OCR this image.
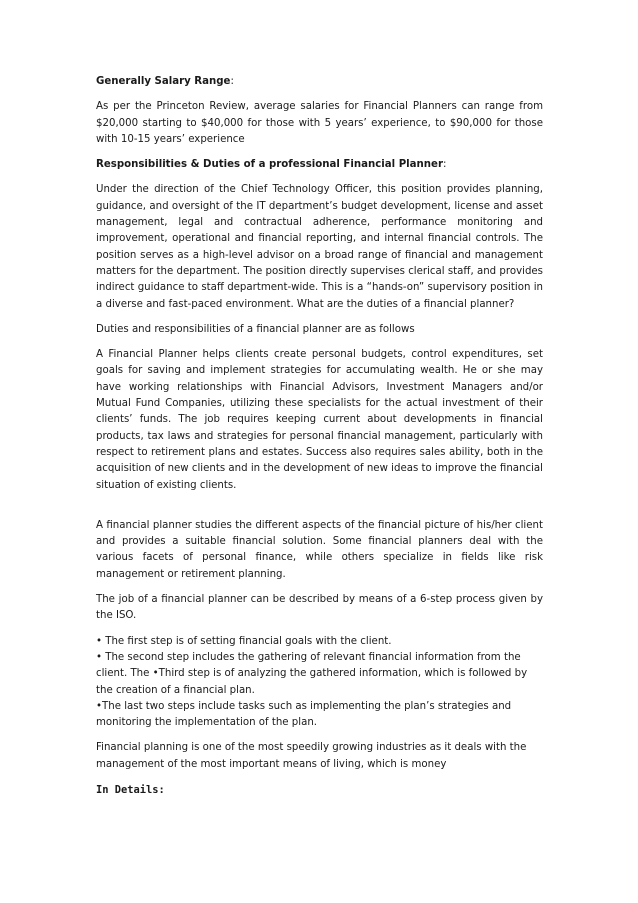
Generally Salary Range:

As per the Princeton Review, average salaries for Financial Planners can range from $20,000 starting to $40,000 for those with 5 years’ experience, to $90,000 for those with 10-15 years’ experience

Responsibilities & Duties of a professional Financial Planner:

Under the direction of the Chief Technology Officer, this position provides planning, guidance, and oversight of the IT department’s budget development, license and asset management, legal and contractual adherence, performance monitoring and improvement, operational and financial reporting, and internal financial controls. The position serves as a high-level advisor on a broad range of financial and management matters for the department. The position directly supervises clerical staff, and provides indirect guidance to staff department-wide. This is a “hands-on” supervisory position in a diverse and fast-paced environment. What are the duties of a financial planner?

Duties and responsibilities of a financial planner are as follows

A Financial Planner helps clients create personal budgets, control expenditures, set goals for saving and implement strategies for accumulating wealth. He or she may have working relationships with Financial Advisors, Investment Managers and/or Mutual Fund Companies, utilizing these specialists for the actual investment of their clients’ funds. The job requires keeping current about developments in financial products, tax laws and strategies for personal financial management, particularly with respect to retirement plans and estates. Success also requires sales ability, both in the acquisition of new clients and in the development of new ideas to improve the financial situation of existing clients.

A financial planner studies the different aspects of the financial picture of his/her client and provides a suitable financial solution. Some financial planners deal with the various facets of personal finance, while others specialize in fields like risk management or retirement planning.

The job of a financial planner can be described by means of a 6-step process given by the ISO.

• The first step is of setting financial goals with the client.

• The second step includes the gathering of relevant financial information from the client. The •Third step is of analyzing the gathered information, which is followed by the creation of a financial plan.

•The last two steps include tasks such as implementing the plan’s strategies and monitoring the implementation of the plan.

Financial planning is one of the most speedily growing industries as it deals with the management of the most important means of living, which is money

In Details:
